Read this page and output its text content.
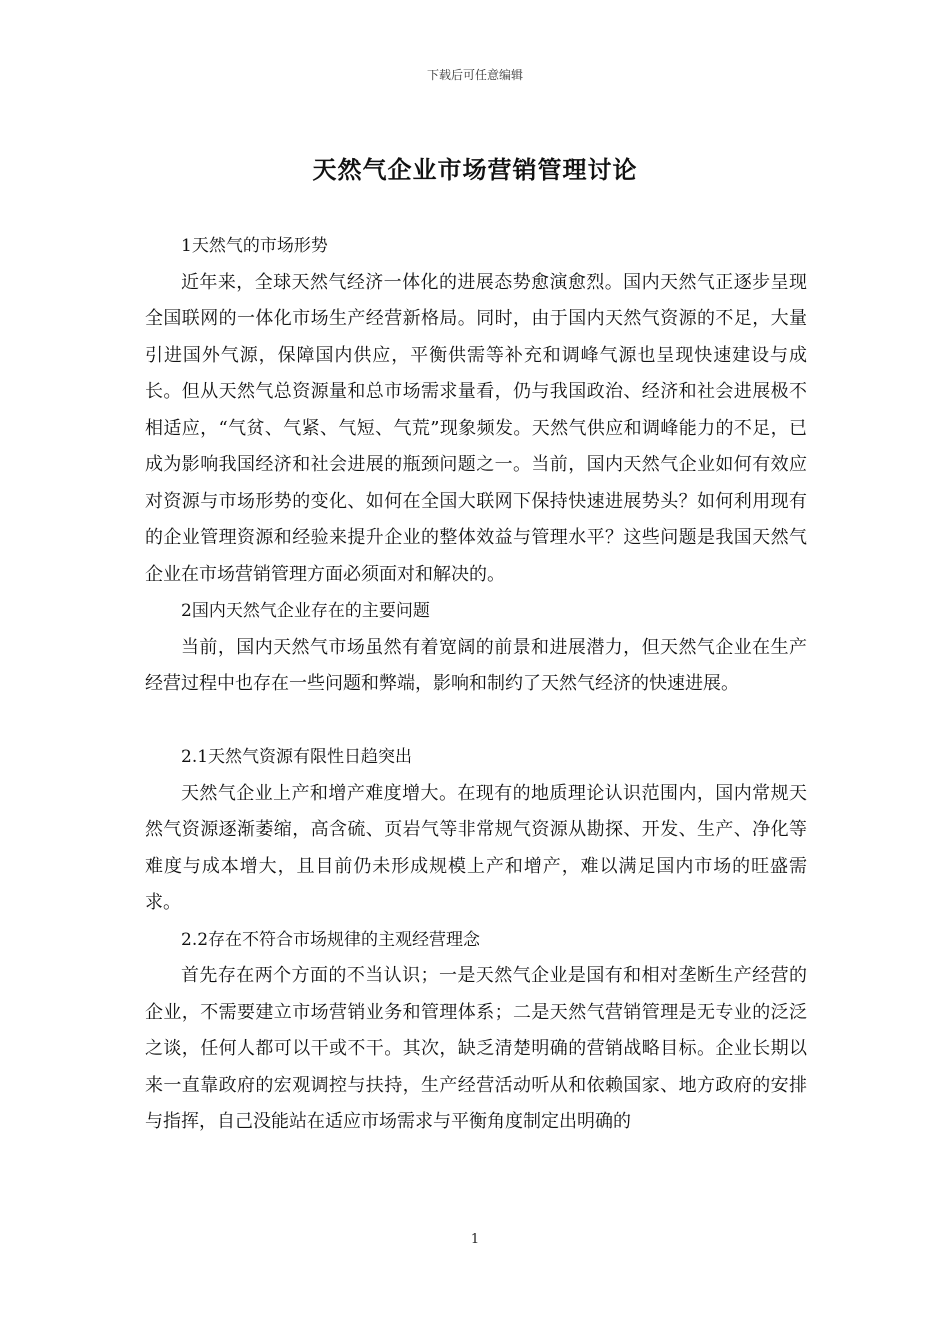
下载后可任意编辑
天然气企业市场营销管理讨论

1天然气的市场形势

近年来，全球天然气经济一体化的进展态势愈演愈烈。国内天然气正逐步呈现全国联网的一体化市场生产经营新格局。同时，由于国内天然气资源的不足，大量引进国外气源，保障国内供应，平衡供需等补充和调峰气源也呈现快速建设与成长。但从天然气总资源量和总市场需求量看，仍与我国政治、经济和社会进展极不相适应，“气贫、气紧、气短、气荒”现象频发。天然气供应和调峰能力的不足，已成为影响我国经济和社会进展的瓶颈问题之一。当前，国内天然气企业如何有效应对资源与市场形势的变化、如何在全国大联网下保持快速进展势头？如何利用现有的企业管理资源和经验来提升企业的整体效益与管理水平？这些问题是我国天然气企业在市场营销管理方面必须面对和解决的。

2国内天然气企业存在的主要问题

当前，国内天然气市场虽然有着宽阔的前景和进展潜力，但天然气企业在生产经营过程中也存在一些问题和弊端，影响和制约了天然气经济的快速进展。

2.1天然气资源有限性日趋突出

天然气企业上产和增产难度增大。在现有的地质理论认识范围内，国内常规天然气资源逐渐萎缩，高含硫、页岩气等非常规气资源从勘探、开发、生产、净化等难度与成本增大，且目前仍未形成规模上产和增产，难以满足国内市场的旺盛需求。

2.2存在不符合市场规律的主观经营理念

首先存在两个方面的不当认识；一是天然气企业是国有和相对垄断生产经营的企业，不需要建立市场营销业务和管理体系；二是天然气营销管理是无专业的泛泛之谈，任何人都可以干或不干。其次，缺乏清楚明确的营销战略目标。企业长期以来一直靠政府的宏观调控与扶持，生产经营活动听从和依赖国家、地方政府的安排与指挥，自己没能站在适应市场需求与平衡角度制定出明确的

1
